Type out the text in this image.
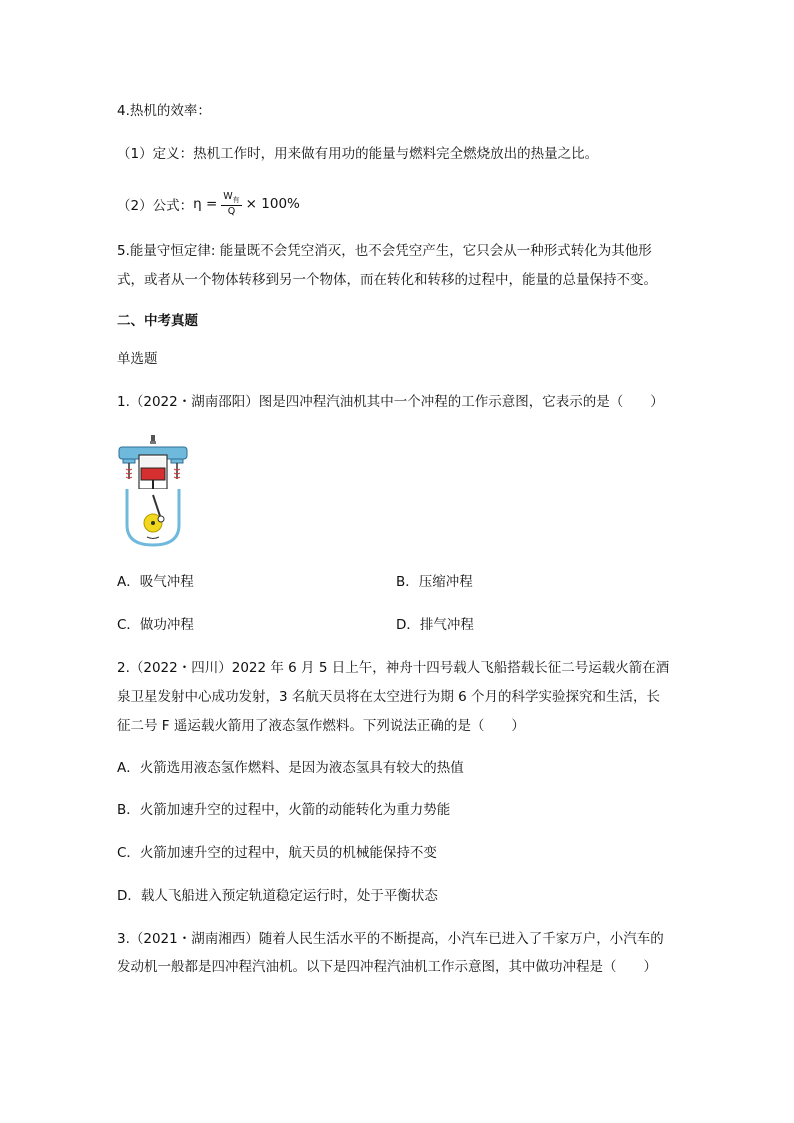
4.热机的效率：
（1）定义：热机工作时，用来做有用功的能量与燃料完全燃烧放出的热量之比。
（2）公式： $\eta = \frac{W_有}{Q} \times 100\%$
5.能量守恒定律: 能量既不会凭空消灭，也不会凭空产生，它只会从一种形式转化为其他形
式，或者从一个物体转移到另一个物体，而在转化和转移的过程中，能量的总量保持不变。
二、中考真题
单选题
1.（2022・湖南邵阳）图是四冲程汽油机其中一个冲程的工作示意图，它表示的是（　　）
A．吸气冲程	B．压缩冲程
C．做功冲程	D．排气冲程
2.（2022・四川）2022 年 6 月 5 日上午，神舟十四号载人飞船搭载长征二号运载火箭在酒
泉卫星发射中心成功发射，3 名航天员将在太空进行为期 6 个月的科学实验探究和生活，长
征二号 F 遥运载火箭用了液态氢作燃料。下列说法正确的是（　　）
A．火箭选用液态氢作燃料、是因为液态氢具有较大的热值
B．火箭加速升空的过程中，火箭的动能转化为重力势能
C．火箭加速升空的过程中，航天员的机械能保持不变
D．载人飞船进入预定轨道稳定运行时，处于平衡状态
3.（2021・湖南湘西）随着人民生活水平的不断提高，小汽车已进入了千家万户，小汽车的
发动机一般都是四冲程汽油机。以下是四冲程汽油机工作示意图，其中做功冲程是（　　）
